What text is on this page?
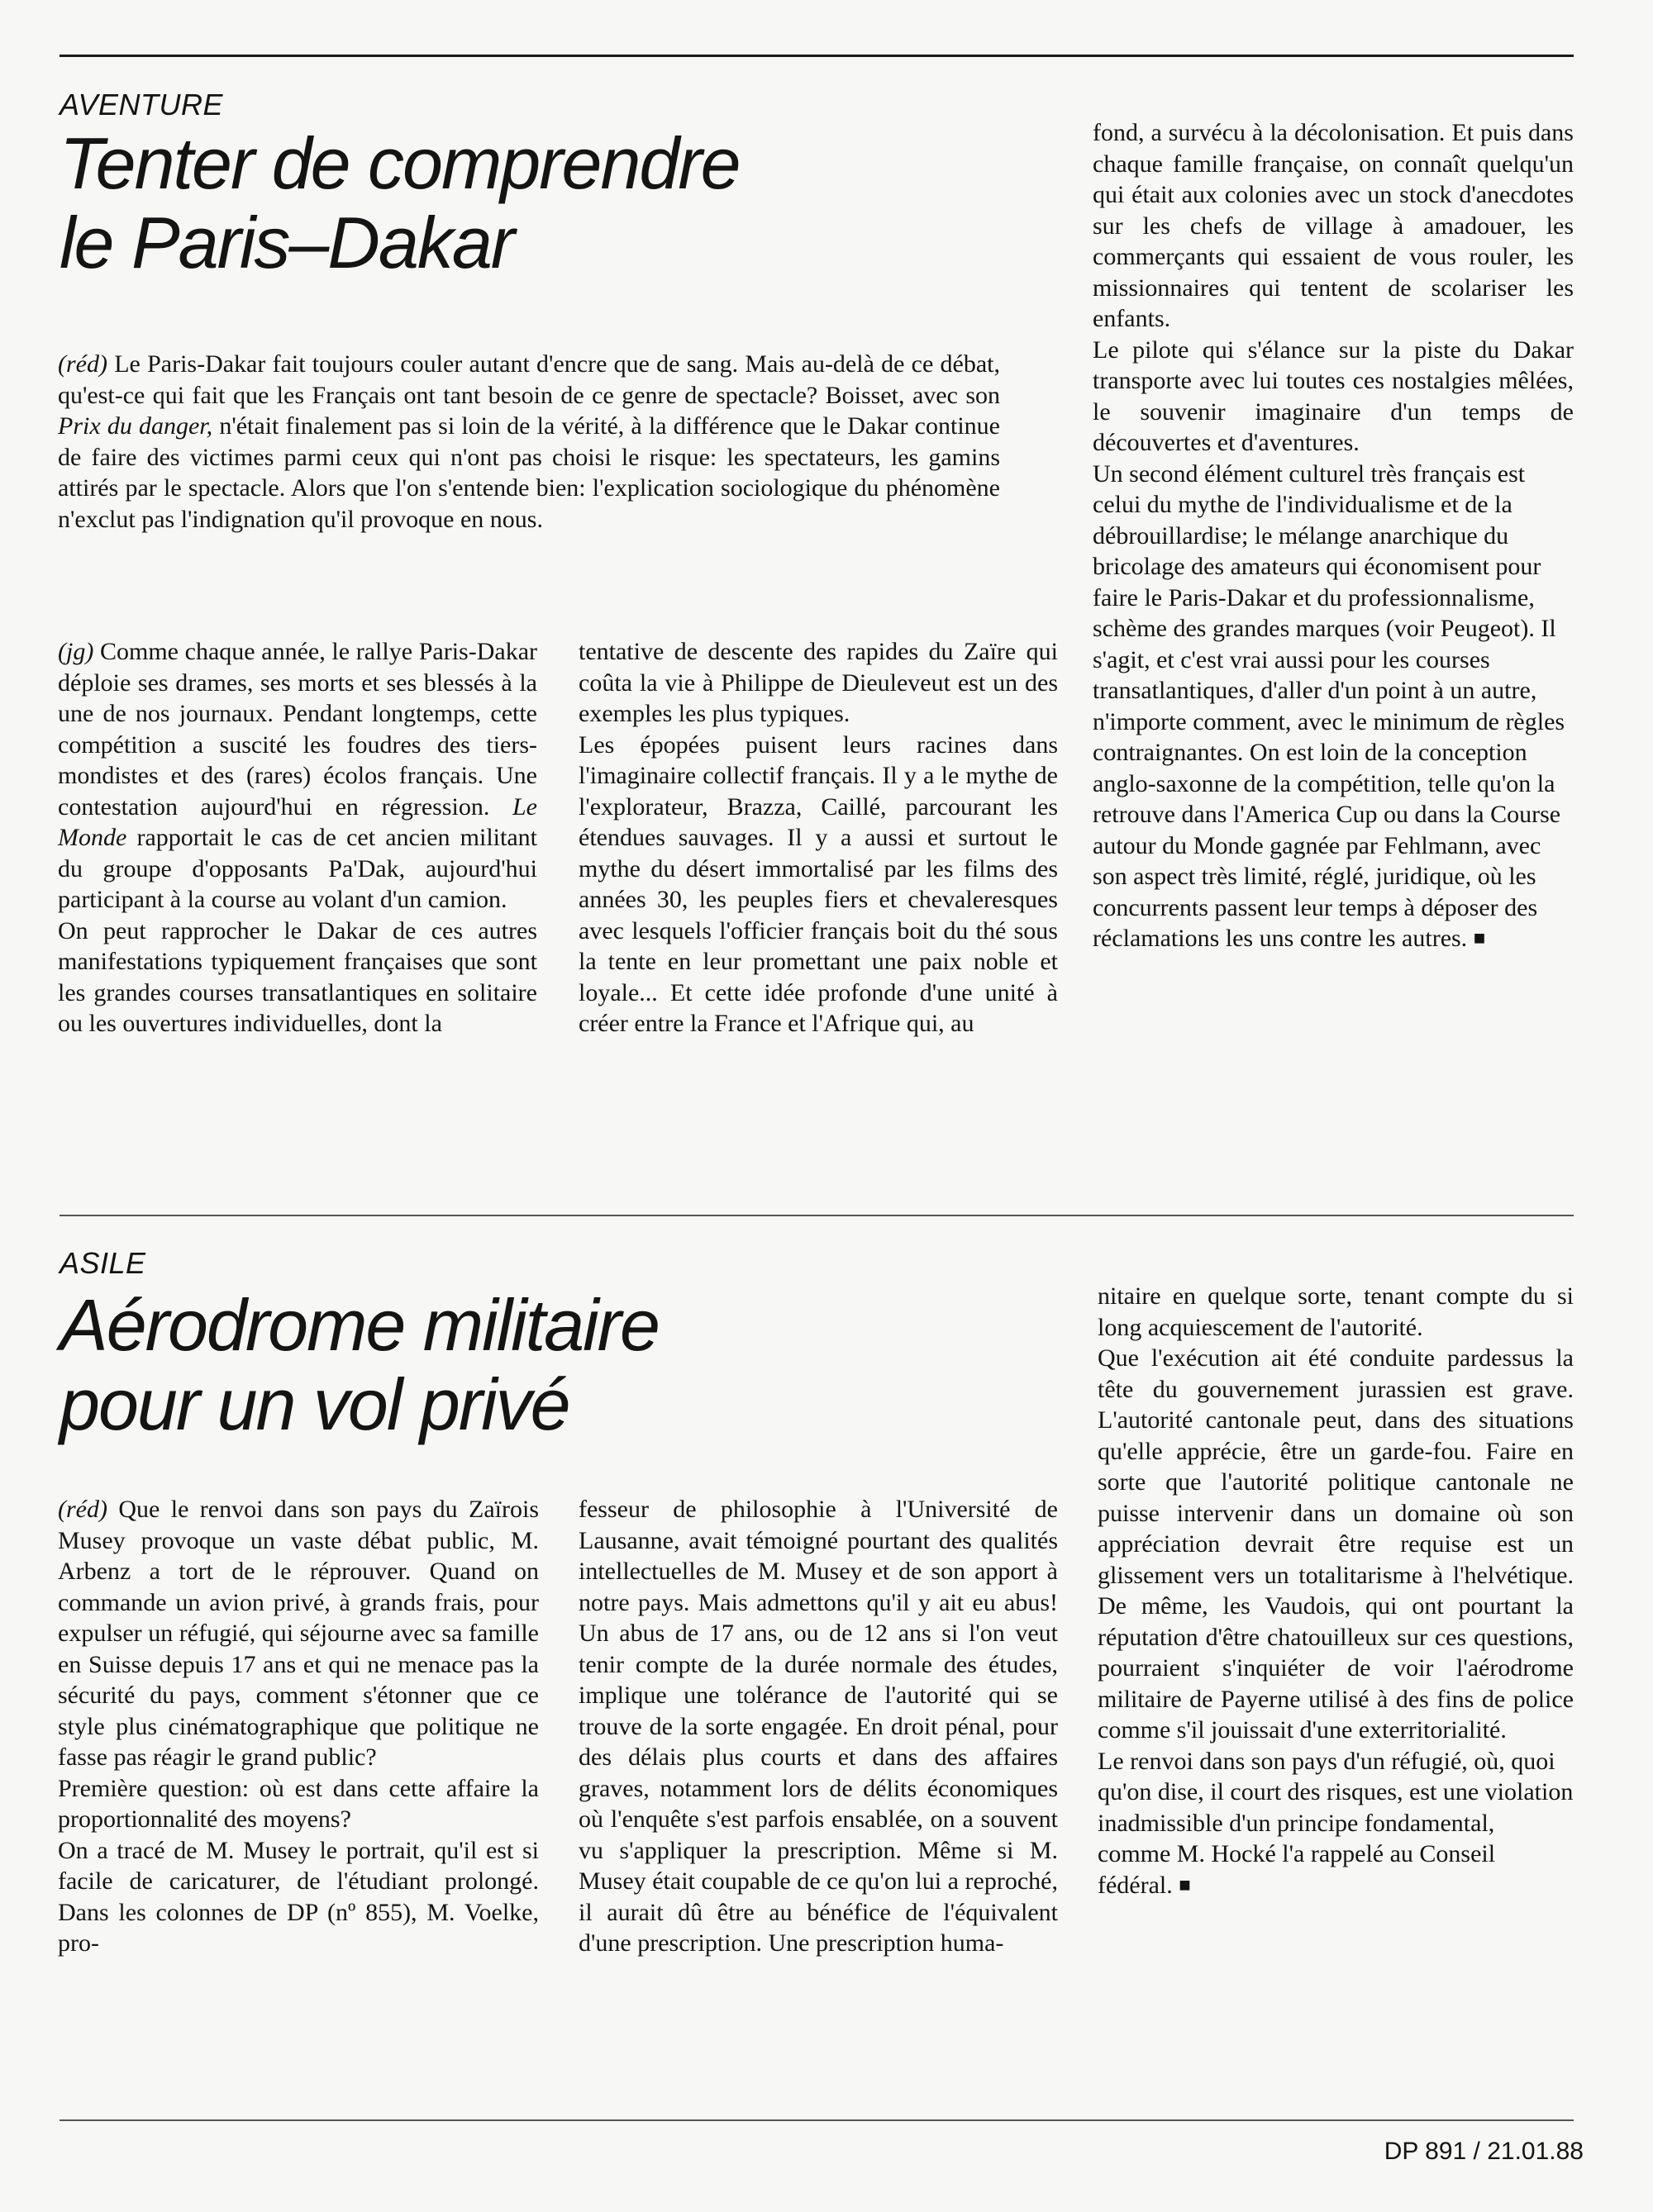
AVENTURE
Tenter de comprendre
le Paris–Dakar

(réd) Le Paris-Dakar fait toujours couler autant d'encre que de sang. Mais au-delà de ce débat, qu'est-ce qui fait que les Français ont tant besoin de ce genre de spectacle? Boisset, avec son Prix du danger, n'était finalement pas si loin de la vérité, à la différence que le Dakar continue de faire des victimes parmi ceux qui n'ont pas choisi le risque: les spectateurs, les gamins attirés par le spectacle. Alors que l'on s'entende bien: l'explication sociologique du phénomène n'exclut pas l'indignation qu'il provoque en nous.

(jg) Comme chaque année, le rallye Paris-Dakar déploie ses drames, ses morts et ses blessés à la une de nos journaux. Pendant longtemps, cette compétition a suscité les foudres des tiers-mondistes et des (rares) écolos français. Une contestation aujourd'hui en régression. Le Monde rapportait le cas de cet ancien militant du groupe d'opposants Pa'Dak, aujourd'hui participant à la course au volant d'un camion.

On peut rapprocher le Dakar de ces autres manifestations typiquement françaises que sont les grandes courses transatlantiques en solitaire ou les ouvertures individuelles, dont la

tentative de descente des rapides du Zaïre qui coûta la vie à Philippe de Dieuleveut est un des exemples les plus typiques.

Les épopées puisent leurs racines dans l'imaginaire collectif français. Il y a le mythe de l'explorateur, Brazza, Caillé, parcourant les étendues sauvages. Il y a aussi et surtout le mythe du désert immortalisé par les films des années 30, les peuples fiers et chevaleresques avec lesquels l'officier français boit du thé sous la tente en leur promettant une paix noble et loyale... Et cette idée profonde d'une unité à créer entre la France et l'Afrique qui, au

fond, a survécu à la décolonisation. Et puis dans chaque famille française, on connaît quelqu'un qui était aux colonies avec un stock d'anecdotes sur les chefs de village à amadouer, les commerçants qui essaient de vous rouler, les missionnaires qui tentent de scolariser les enfants.

Le pilote qui s'élance sur la piste du Dakar transporte avec lui toutes ces nostalgies mêlées, le souvenir imaginaire d'un temps de découvertes et d'aventures.

Un second élément culturel très français est celui du mythe de l'individualisme et de la débrouillardise; le mélange anarchique du bricolage des amateurs qui économisent pour faire le Paris-Dakar et du professionnalisme, schème des grandes marques (voir Peugeot). Il s'agit, et c'est vrai aussi pour les courses transatlantiques, d'aller d'un point à un autre, n'importe comment, avec le minimum de règles contraignantes. On est loin de la conception anglo-saxonne de la compétition, telle qu'on la retrouve dans l'America Cup ou dans la Course autour du Monde gagnée par Fehlmann, avec son aspect très limité, réglé, juridique, où les concurrents passent leur temps à déposer des réclamations les uns contre les autres. ■

ASILE
Aérodrome militaire
pour un vol privé

(réd) Que le renvoi dans son pays du Zaïrois Musey provoque un vaste débat public, M. Arbenz a tort de le réprouver. Quand on commande un avion privé, à grands frais, pour expulser un réfugié, qui séjourne avec sa famille en Suisse depuis 17 ans et qui ne menace pas la sécurité du pays, comment s'étonner que ce style plus cinématographique que politique ne fasse pas réagir le grand public?

Première question: où est dans cette affaire la proportionnalité des moyens?

On a tracé de M. Musey le portrait, qu'il est si facile de caricaturer, de l'étudiant prolongé. Dans les colonnes de DP (nº 855), M. Voelke, pro-

fesseur de philosophie à l'Université de Lausanne, avait témoigné pourtant des qualités intellectuelles de M. Musey et de son apport à notre pays. Mais admettons qu'il y ait eu abus! Un abus de 17 ans, ou de 12 ans si l'on veut tenir compte de la durée normale des études, implique une tolérance de l'autorité qui se trouve de la sorte engagée. En droit pénal, pour des délais plus courts et dans des affaires graves, notamment lors de délits économiques où l'enquête s'est parfois ensablée, on a souvent vu s'appliquer la prescription. Même si M. Musey était coupable de ce qu'on lui a reproché, il aurait dû être au bénéfice de l'équivalent d'une prescription. Une prescription huma-

nitaire en quelque sorte, tenant compte du si long acquiescement de l'autorité.

Que l'exécution ait été conduite pardessus la tête du gouvernement jurassien est grave. L'autorité cantonale peut, dans des situations qu'elle apprécie, être un garde-fou. Faire en sorte que l'autorité politique cantonale ne puisse intervenir dans un domaine où son appréciation devrait être requise est un glissement vers un totalitarisme à l'helvétique. De même, les Vaudois, qui ont pourtant la réputation d'être chatouilleux sur ces questions, pourraient s'inquiéter de voir l'aérodrome militaire de Payerne utilisé à des fins de police comme s'il jouissait d'une exterritorialité.

Le renvoi dans son pays d'un réfugié, où, quoi qu'on dise, il court des risques, est une violation inadmissible d'un principe fondamental, comme M. Hocké l'a rappelé au Conseil fédéral. ■

DP 891 / 21.01.88
